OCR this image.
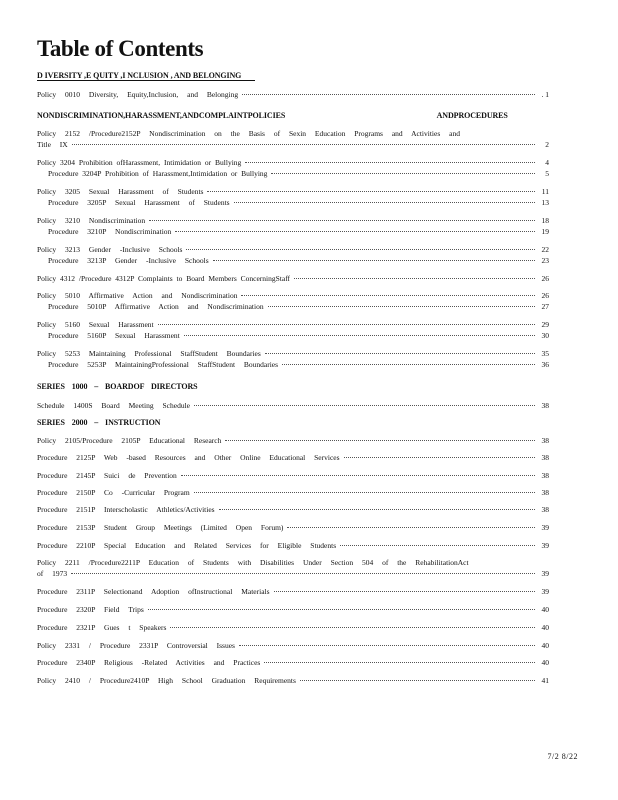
Table of Contents
D IVERSITY ,E QUITY ,I NCLUSION , AND BELONGING
Policy 0010 Diversity, Equity,Inclusion, and Belonging	. 1
NONDISCRIMINATION,HARASSMENT,ANDCOMPLAINTPOLICIES ANDPROCEDURES
Policy 2152 /Procedure2152P Nondiscrimination on the Basis of Sexin Education Programs and Activities and
Title IX	2
Policy 3204 Prohibition ofHarassment, Intimidation or Bullying	4
Procedure 3204P Prohibition of Harassment,Intimidation or Bullying	5
Policy 3205 Sexual Harassment of Students	11
Procedure 3205P Sexual Harassment of Students	13
Policy 3210 Nondiscrimination	18
Procedure 3210P Nondiscrimination	19
Policy 3213 Gender -Inclusive Schools	22
Procedure 3213P Gender -Inclusive Schools	23
Policy 4312 /Procedure 4312P Complaints to Board Members ConcerningStaff	26
Policy 5010 Affirmative Action and Nondiscrimination	26
Procedure 5010P Affirmative Action and Nondiscrimination	27
Policy 5160 Sexual Harassment	29
Procedure 5160P Sexual Harassment	30
Policy 5253 Maintaining Professional StaffStudent Boundaries	35
Procedure 5253P MaintainingProfessional StaffStudent Boundaries	36
SERIES 1000 – BOARDOF DIRECTORS
Schedule 1400S Board Meeting Schedule	38
SERIES 2000 – INSTRUCTION
Policy 2105/Procedure 2105P Educational Research	38
Procedure 2125P Web -based Resources and Other Online Educational Services	38
Procedure 2145P Suici de Prevention	38
Procedure 2150P Co -Curricular Program	38
Procedure 2151P Interscholastic Athletics/Activities	38
Procedure 2153P Student Group Meetings (Limited Open Forum)	39
Procedure 2210P Special Education and Related Services for Eligible Students	39
Policy 2211 /Procedure2211P Education of Students with Disabilities Under Section 504 of the RehabilitationAct
of 1973	39
Procedure 2311P Selectionand Adoption ofInstructional Materials	39
Procedure 2320P Field Trips	40
Procedure 2321P Gues t Speakers	40
Policy 2331 / Procedure 2331P Controversial Issues	40
Procedure 2340P Religious -Related Activities and Practices	40
Policy 2410 / Procedure2410P High School Graduation Requirements	41
7/2 8/22
